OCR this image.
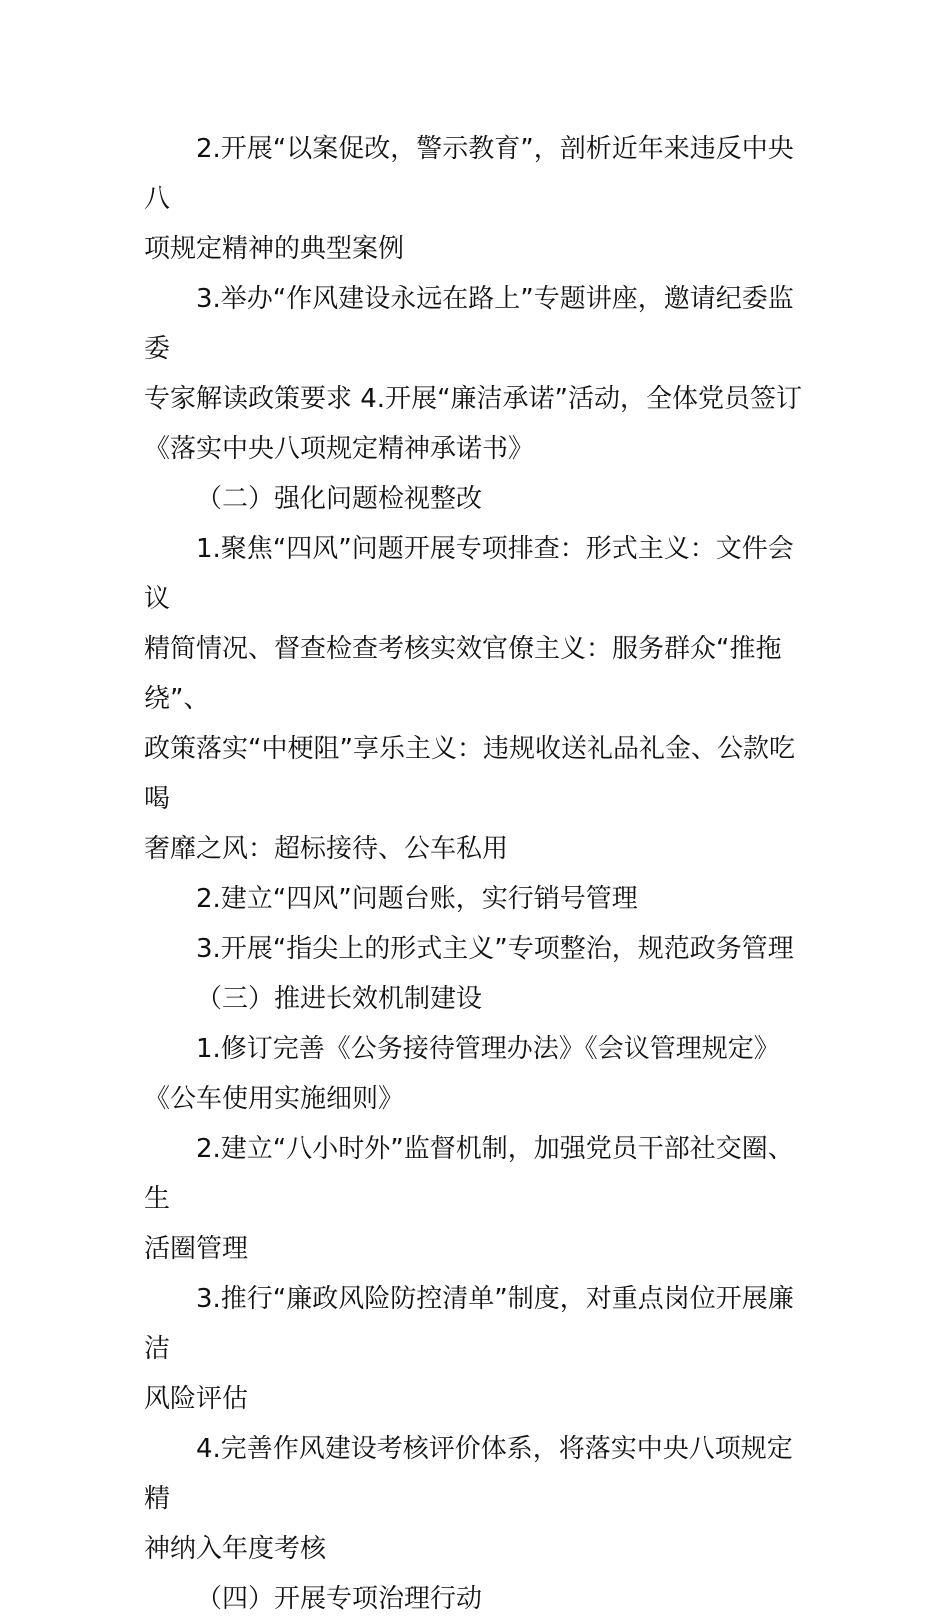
2.开展“以案促改，警示教育”，剖析近年来违反中央八
项规定精神的典型案例
3.举办“作风建设永远在路上”专题讲座，邀请纪委监委
专家解读政策要求 4.开展“廉洁承诺”活动，全体党员签订
《落实中央八项规定精神承诺书》
（二）强化问题检视整改
1.聚焦“四风”问题开展专项排查：形式主义：文件会议
精简情况、督查检查考核实效官僚主义：服务群众“推拖绕”、
政策落实“中梗阻”享乐主义：违规收送礼品礼金、公款吃喝
奢靡之风：超标接待、公车私用
2.建立“四风”问题台账，实行销号管理
3.开展“指尖上的形式主义”专项整治，规范政务管理
（三）推进长效机制建设
1.修订完善《公务接待管理办法》《会议管理规定》
《公车使用实施细则》
2.建立“八小时外”监督机制，加强党员干部社交圈、生
活圈管理
3.推行“廉政风险防控清单”制度，对重点岗位开展廉洁
风险评估
4.完善作风建设考核评价体系，将落实中央八项规定精
神纳入年度考核
（四）开展专项治理行动
